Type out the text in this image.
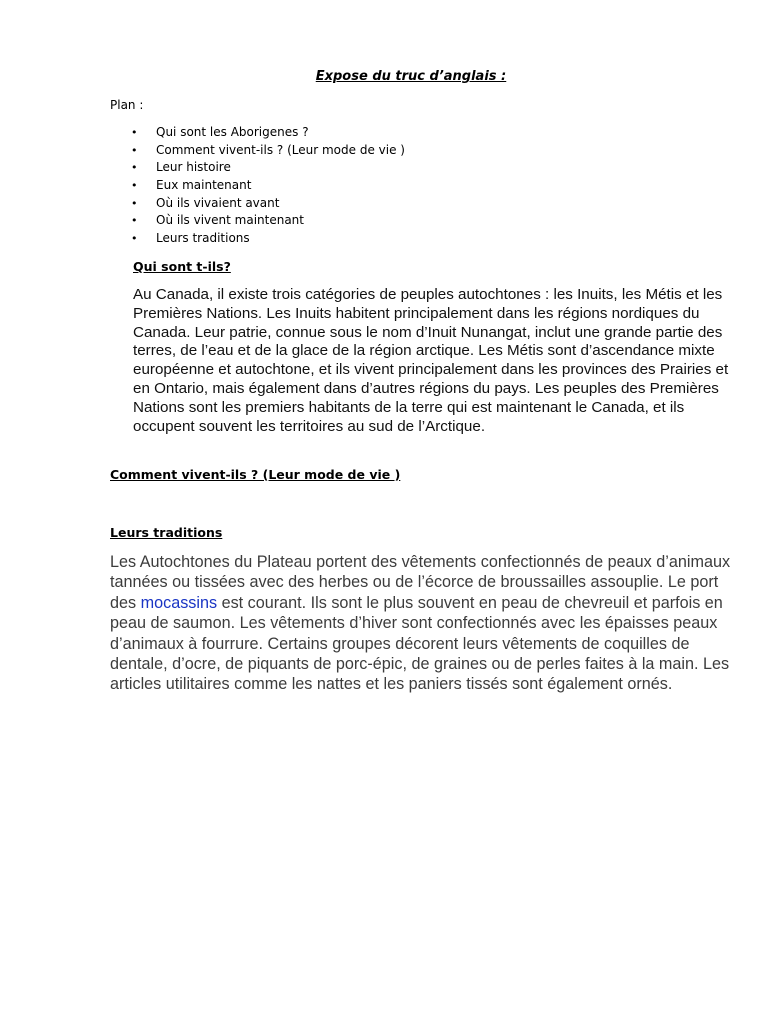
Expose du truc d’anglais :
Plan :
• Qui sont les Aborigenes ?
• Comment vivent-ils ? (Leur mode de vie )
• Leur histoire
• Eux maintenant
• Où ils vivaient avant
• Où ils vivent maintenant
• Leurs traditions
Qui sont t-ils?

Au Canada, il existe trois catégories de peuples autochtones : les Inuits, les Métis et les Premières Nations. Les Inuits habitent principalement dans les régions nordiques du Canada. Leur patrie, connue sous le nom d’Inuit Nunangat, inclut une grande partie des terres, de l’eau et de la glace de la région arctique. Les Métis sont d’ascendance mixte européenne et autochtone, et ils vivent principalement dans les provinces des Prairies et en Ontario, mais également dans d’autres régions du pays. Les peuples des Premières Nations sont les premiers habitants de la terre qui est maintenant le Canada, et ils occupent souvent les territoires au sud de l’Arctique.

Comment vivent-ils ? (Leur mode de vie )
Leurs traditions

Les Autochtones du Plateau portent des vêtements confectionnés de peaux d’animaux tannées ou tissées avec des herbes ou de l’écorce de broussailles assouplie. Le port des mocassins est courant. Ils sont le plus souvent en peau de chevreuil et parfois en peau de saumon. Les vêtements d’hiver sont confectionnés avec les épaisses peaux d’animaux à fourrure. Certains groupes décorent leurs vêtements de coquilles de dentale, d’ocre, de piquants de porc-épic, de graines ou de perles faites à la main. Les articles utilitaires comme les nattes et les paniers tissés sont également ornés.
